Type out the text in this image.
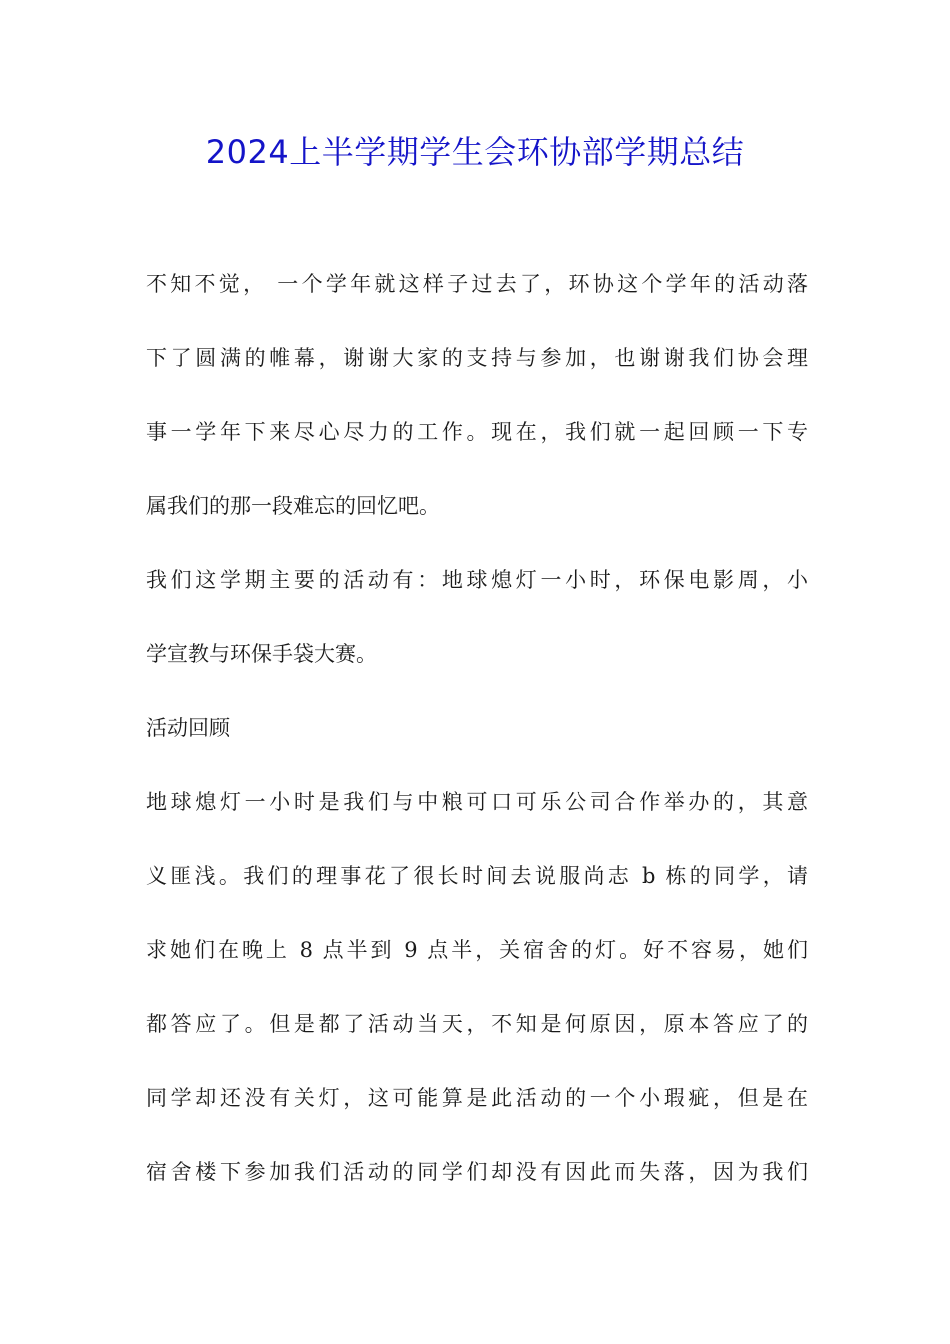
2024上半学期学生会环协部学期总结
不知不觉， 一个学年就这样子过去了，环协这个学年的活动落
下了圆满的帷幕，谢谢大家的支持与参加，也谢谢我们协会理
事一学年下来尽心尽力的工作。现在，我们就一起回顾一下专
属我们的那一段难忘的回忆吧。
我们这学期主要的活动有：地球熄灯一小时，环保电影周，小
学宣教与环保手袋大赛。
活动回顾
地球熄灯一小时是我们与中粮可口可乐公司合作举办的，其意
义匪浅。我们的理事花了很长时间去说服尚志 b 栋的同学，请
求她们在晚上 8 点半到 9 点半，关宿舍的灯。好不容易，她们
都答应了。但是都了活动当天，不知是何原因，原本答应了的
同学却还没有关灯，这可能算是此活动的一个小瑕疵，但是在
宿舍楼下参加我们活动的同学们却没有因此而失落，因为我们
